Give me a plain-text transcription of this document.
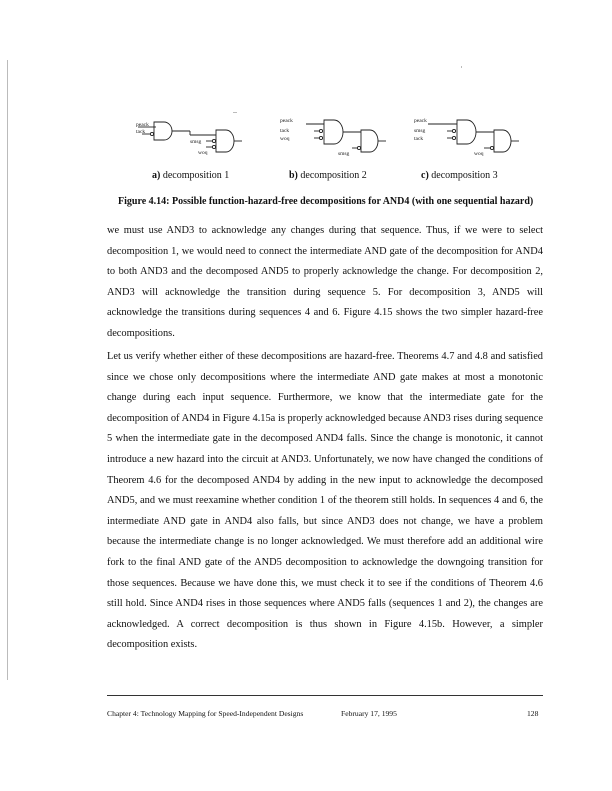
peack
tack
smsg
woq
peack
tack
woq
smsg
peack
smsg
tack
woq
a) decomposition 1	b) decomposition 2	c) decomposition 3
Figure 4.14: Possible function-hazard-free decompositions for AND4 (with one sequential hazard)

we must use AND3 to acknowledge any changes during that sequence. Thus, if we were to select decomposition 1, we would need to connect the intermediate AND gate of the decomposition for AND4 to both AND3 and the decomposed AND5 to properly acknowledge the change. For decomposition 2, AND3 will acknowledge the transition during sequence 5. For decomposition 3, AND5 will acknowledge the transitions during sequences 4 and 6. Figure 4.15 shows the two simpler hazard-free decompositions.

Let us verify whether either of these decompositions are hazard-free. Theorems 4.7 and 4.8 and satisfied since we chose only decompositions where the intermediate AND gate makes at most a monotonic change during each input sequence. Furthermore, we know that the intermediate gate for the decomposition of AND4 in Figure 4.15a is properly acknowledged because AND3 rises during sequence 5 when the intermediate gate in the decomposed AND4 falls. Since the change is monotonic, it cannot introduce a new hazard into the circuit at AND3. Unfortunately, we now have changed the conditions of Theorem 4.6 for the decomposed AND4 by adding in the new input to acknowledge the decomposed AND5, and we must reexamine whether condition 1 of the theorem still holds. In sequences 4 and 6, the intermediate AND gate in AND4 also falls, but since AND3 does not change, we have a problem because the intermediate change is no longer acknowledged. We must therefore add an additional wire fork to the final AND gate of the AND5 decomposition to acknowledge the downgoing transition for those sequences. Because we have done this, we must check it to see if the conditions of Theorem 4.6 still hold. Since AND4 rises in those sequences where AND5 falls (sequences 1 and 2), the changes are acknowledged. A correct decomposition is thus shown in Figure 4.15b. However, a simpler decomposition exists.

Chapter 4: Technology Mapping for Speed-Independent Designs	February 17, 1995	128
